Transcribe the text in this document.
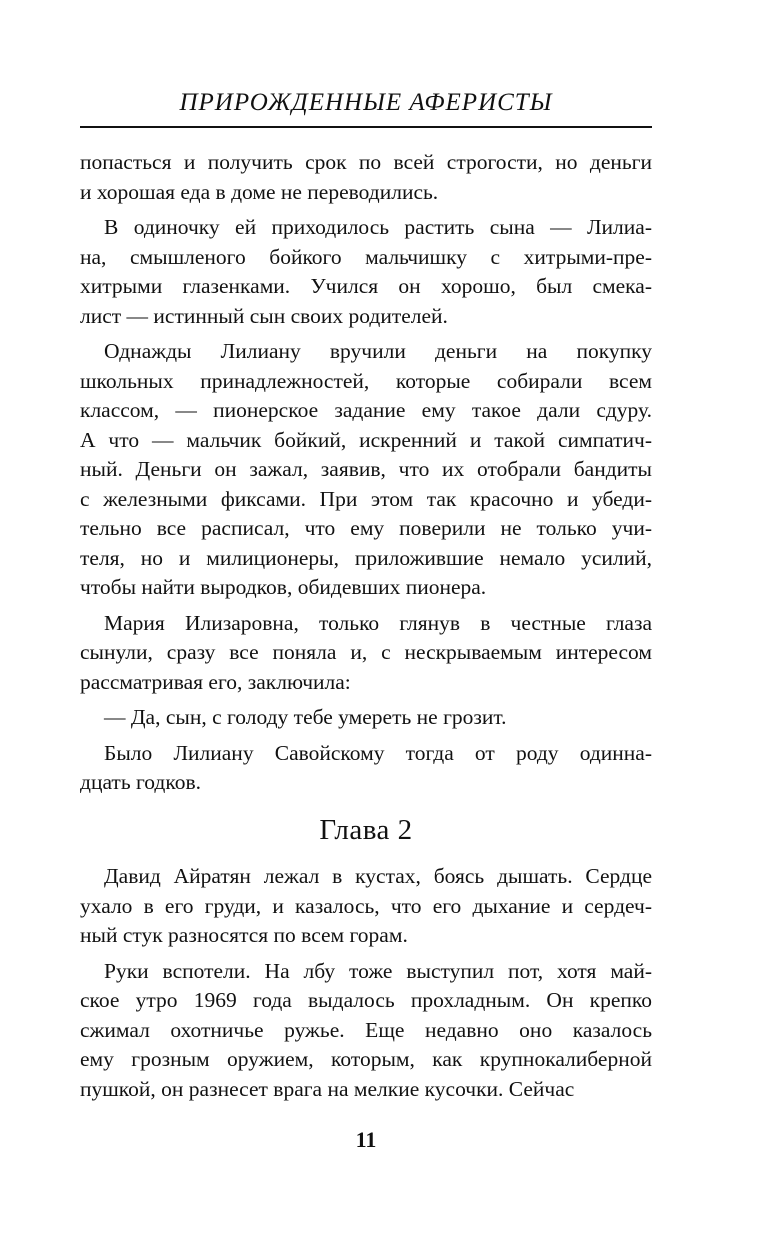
ПРИРОЖДЕННЫЕ АФЕРИСТЫ
попасться и получить срок по всей строгости, но деньги
и хорошая еда в доме не переводились.
В одиночку ей приходилось растить сына — Лилиа-
на, смышленого бойкого мальчишку с хитрыми-пре-
хитрыми глазенками. Учился он хорошо, был смека-
лист — истинный сын своих родителей.
Однажды Лилиану вручили деньги на покупку
школьных принадлежностей, которые собирали всем
классом, — пионерское задание ему такое дали сдуру.
А что — мальчик бойкий, искренний и такой симпатич-
ный. Деньги он зажал, заявив, что их отобрали бандиты
с железными фиксами. При этом так красочно и убеди-
тельно все расписал, что ему поверили не только учи-
теля, но и милиционеры, приложившие немало усилий,
чтобы найти выродков, обидевших пионера.
Мария Илизаровна, только глянув в честные глаза
сынули, сразу все поняла и, с нескрываемым интересом
рассматривая его, заключила:
— Да, сын, с голоду тебе умереть не грозит.
Было Лилиану Савойскому тогда от роду одинна-
дцать годков.
Глава 2
Давид Айратян лежал в кустах, боясь дышать. Сердце
ухало в его груди, и казалось, что его дыхание и сердеч-
ный стук разносятся по всем горам.
Руки вспотели. На лбу тоже выступил пот, хотя май-
ское утро 1969 года выдалось прохладным. Он крепко
сжимал охотничье ружье. Еще недавно оно казалось
ему грозным оружием, которым, как крупнокалиберной
пушкой, он разнесет врага на мелкие кусочки. Сейчас
11
